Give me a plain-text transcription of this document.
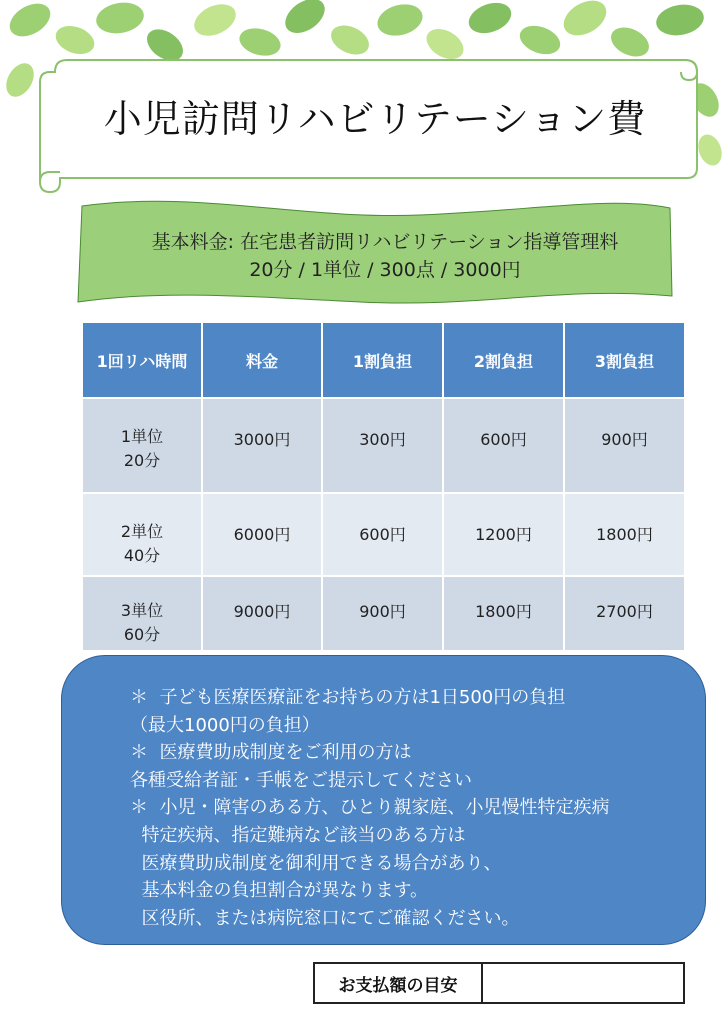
小児訪問リハビリテーション費
基本料金: 在宅患者訪問リハビリテーション指導管理料
20分 / 1単位 / 300点 / 3000円
1回リハ時間	料金	1割負担	2割負担	3割負担

1単位
20分	3000円	300円	600円	900円

2単位
40分	6000円	600円	1200円	1800円

3単位
60分	9000円	900円	1800円	2700円
＊  子ども医療医療証をお持ちの方は1日500円の負担
（最大1000円の負担）
＊  医療費助成制度をご利用の方は
各種受給者証・手帳をご提示してください
＊  小児・障害のある方、ひとり親家庭、小児慢性特定疾病
特定疾病、指定難病など該当のある方は
医療費助成制度を御利用できる場合があり、
基本料金の負担割合が異なります。
区役所、または病院窓口にてご確認ください。
お支払額の目安
